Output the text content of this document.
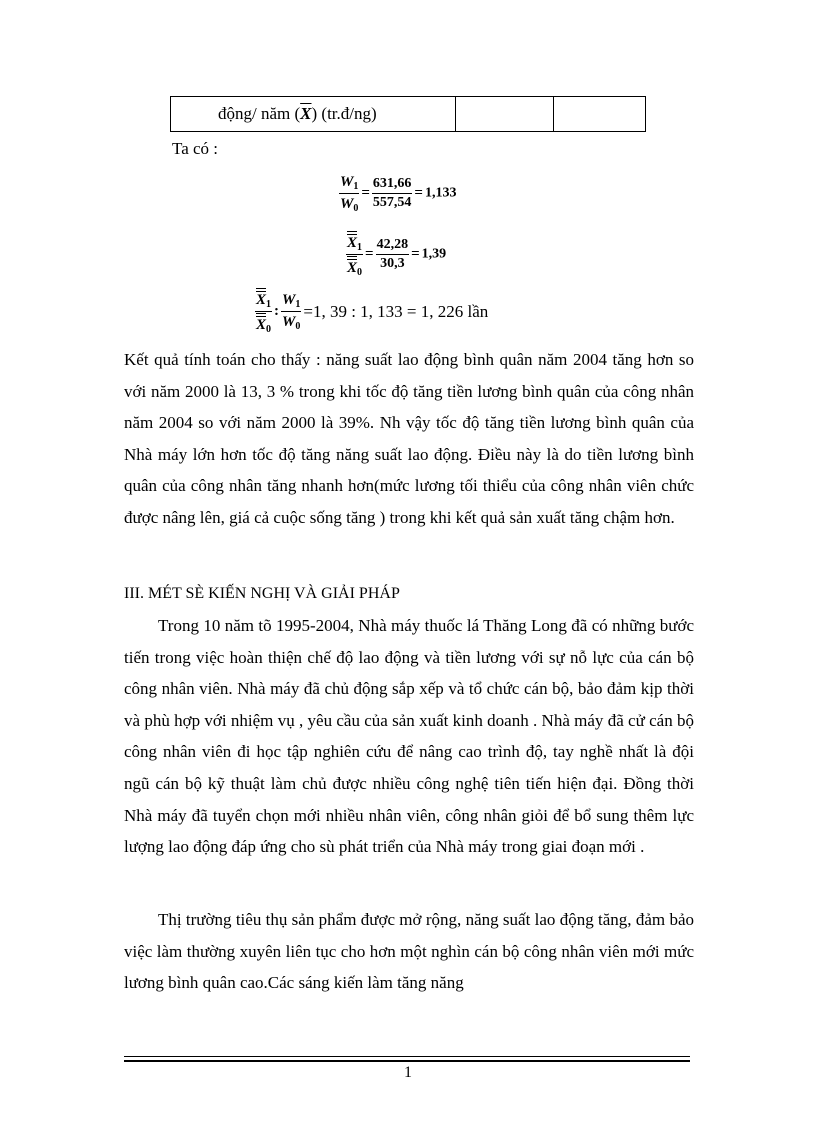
động/ năm $(\overline{X})$ (tr.đ/ng)
Ta có :
$\frac{W_1}{W_0} = \frac{631,66}{557,54} = 1,133$
$\frac{X_1}{X_0} = \frac{42,28}{30,3} = 1,39$
$\frac{X_1}{X_0}$ : $\frac{W_1}{W_0} =1$, 39 : 1, 133 = 1, 226 lần

Kết quả tính toán cho thấy : năng suất lao động bình quân năm 2004 tăng hơn so với năm 2000 là 13, 3 % trong khi tốc độ tăng tiền lương bình quân của công nhân năm 2004 so với năm 2000 là 39%. Nh vậy tốc độ tăng tiền lương bình quân của Nhà máy lớn hơn tốc độ tăng năng suất lao động. Điều này là do tiền lương bình quân của công nhân tăng nhanh hơn(mức lương tối thiểu của công nhân viên chức được nâng lên, giá cả cuộc sống tăng ) trong khi kết quả sản xuất tăng chậm hơn.

III. MÉT SÈ KIẾN NGHỊ VÀ GIẢI PHÁP

Trong 10 năm tõ 1995-2004, Nhà máy thuốc lá Thăng Long đã có những bước tiến trong việc hoàn thiện chế độ lao động và tiền lương với sự nỗ lực của cán bộ công nhân viên. Nhà máy đã chủ động sắp xếp và tổ chức cán bộ, bảo đảm kịp thời và phù hợp với nhiệm vụ , yêu cầu của sản xuất kinh doanh . Nhà máy đã cử cán bộ công nhân viên đi học tập nghiên cứu để nâng cao trình độ, tay nghề nhất là đội ngũ cán bộ kỹ thuật làm chủ được nhiều công nghệ tiên tiến hiện đại. Đồng thời Nhà máy đã tuyển chọn mới nhiều nhân viên, công nhân giỏi để bổ sung thêm lực lượng lao động đáp ứng cho sù phát triển của Nhà máy trong giai đoạn mới .

Thị trường tiêu thụ sản phẩm được mở rộng, năng suất lao động tăng, đảm bảo việc làm thường xuyên liên tục cho hơn một nghìn cán bộ công nhân viên mới mức lương bình quân cao.Các sáng kiến làm tăng năng

1
